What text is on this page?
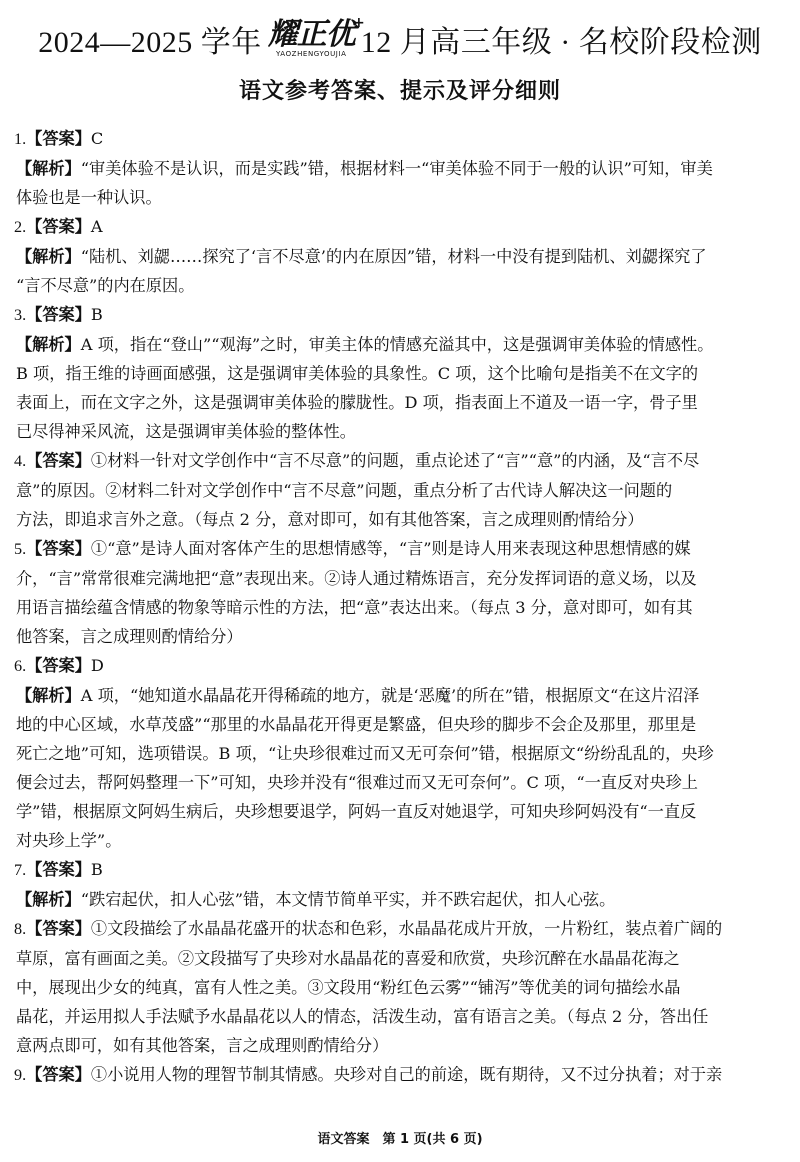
2024—2025 学年 耀正优
+
YAOZHENGYOUJIA 12 月高三年级 · 名校阶段检测
语文参考答案、提示及评分细则
1.【答案】C
【解析】“审美体验不是认识，而是实践”错，根据材料一“审美体验不同于一般的认识”可知，审美
体验也是一种认识。
2.【答案】A
【解析】“陆机、刘勰……探究了‘言不尽意’的内在原因”错，材料一中没有提到陆机、刘勰探究了
“言不尽意”的内在原因。
3.【答案】B
【解析】A 项，指在“登山”“观海”之时，审美主体的情感充溢其中，这是强调审美体验的情感性。
B 项，指王维的诗画面感强，这是强调审美体验的具象性。C 项，这个比喻句是指美不在文字的
表面上，而在文字之外，这是强调审美体验的朦胧性。D 项，指表面上不道及一语一字，骨子里
已尽得神采风流，这是强调审美体验的整体性。
4.【答案】①材料一针对文学创作中“言不尽意”的问题，重点论述了“言”“意”的内涵，及“言不尽
意”的原因。②材料二针对文学创作中“言不尽意”问题，重点分析了古代诗人解决这一问题的
方法，即追求言外之意。（每点 2 分，意对即可，如有其他答案，言之成理则酌情给分）
5.【答案】①“意”是诗人面对客体产生的思想情感等，“言”则是诗人用来表现这种思想情感的媒
介，“言”常常很难完满地把“意”表现出来。②诗人通过精炼语言，充分发挥词语的意义场，以及
用语言描绘蕴含情感的物象等暗示性的方法，把“意”表达出来。（每点 3 分，意对即可，如有其
他答案，言之成理则酌情给分）
6.【答案】D
【解析】A 项，“她知道水晶晶花开得稀疏的地方，就是‘恶魔’的所在”错，根据原文“在这片沼泽
地的中心区域，水草茂盛”“那里的水晶晶花开得更是繁盛，但央珍的脚步不会企及那里，那里是
死亡之地”可知，选项错误。B 项，“让央珍很难过而又无可奈何”错，根据原文“纷纷乱乱的，央珍
便会过去，帮阿妈整理一下”可知，央珍并没有“很难过而又无可奈何”。C 项，“一直反对央珍上
学”错，根据原文阿妈生病后，央珍想要退学，阿妈一直反对她退学，可知央珍阿妈没有“一直反
对央珍上学”。
7.【答案】B
【解析】“跌宕起伏，扣人心弦”错，本文情节简单平实，并不跌宕起伏，扣人心弦。
8.【答案】①文段描绘了水晶晶花盛开的状态和色彩，水晶晶花成片开放，一片粉红，装点着广阔的
草原，富有画面之美。②文段描写了央珍对水晶晶花的喜爱和欣赏，央珍沉醉在水晶晶花海之
中，展现出少女的纯真，富有人性之美。③文段用“粉红色云雾”“铺泻”等优美的词句描绘水晶
晶花，并运用拟人手法赋予水晶晶花以人的情态，活泼生动，富有语言之美。（每点 2 分，答出任
意两点即可，如有其他答案，言之成理则酌情给分）
9.【答案】①小说用人物的理智节制其情感。央珍对自己的前途，既有期待，又不过分执着；对于亲
语文答案　第 1 页(共 6 页)
